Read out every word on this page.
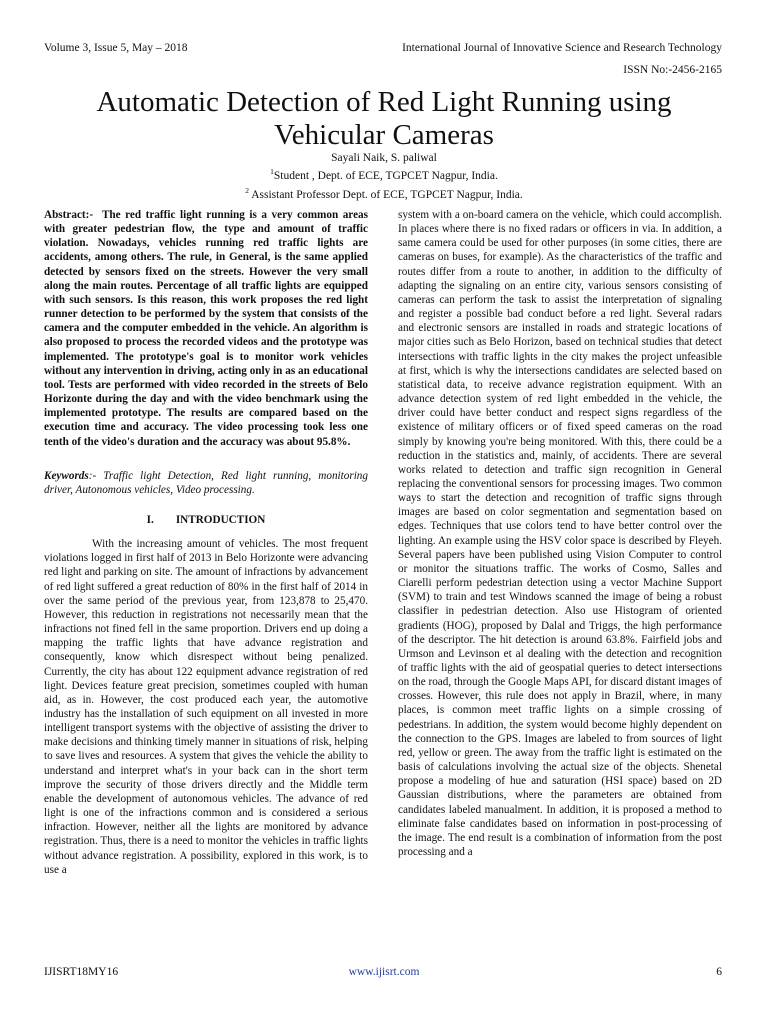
Volume 3, Issue 5, May – 2018	International Journal of Innovative Science and Research Technology
ISSN No:-2456-2165
Automatic Detection of Red Light Running using Vehicular Cameras
Sayali Naik, S. paliwal
$^1$Student , Dept. of ECE, TGPCET Nagpur, India.
$^2$ Assistant Professor Dept. of ECE, TGPCET Nagpur, India.

Abstract:- The red traffic light running is a very common areas with greater pedestrian flow, the type and amount of traffic violation. Nowadays, vehicles running red traffic lights are accidents, among others. The rule, in General, is the same applied detected by sensors fixed on the streets. However the very small along the main routes. Percentage of all traffic lights are equipped with such sensors. Is this reason, this work proposes the red light runner detection to be performed by the system that consists of the camera and the computer embedded in the vehicle. An algorithm is also proposed to process the recorded videos and the prototype was implemented. The prototype's goal is to monitor work vehicles without any intervention in driving, acting only in as an educational tool. Tests are performed with video recorded in the streets of Belo Horizonte during the day and with the video benchmark using the implemented prototype. The results are compared based on the execution time and accuracy. The video processing took less one tenth of the video's duration and the accuracy was about 95.8%.

Keywords:- Traffic light Detection, Red light running, monitoring driver, Autonomous vehicles, Video processing.

I. INTRODUCTION

With the increasing amount of vehicles. The most frequent violations logged in first half of 2013 in Belo Horizonte were advancing red light and parking on site. The amount of infractions by advancement of red light suffered a great reduction of 80% in the first half of 2014 in over the same period of the previous year, from 123,878 to 25,470. However, this reduction in registrations not necessarily mean that the infractions not fined fell in the same proportion. Drivers end up doing a mapping the traffic lights that have advance registration and consequently, know which disrespect without being penalized. Currently, the city has about 122 equipment advance registration of red light. Devices feature great precision, sometimes coupled with human aid, as in. However, the cost produced each year, the automotive industry has the installation of such equipment on all invested in more intelligent transport systems with the objective of assisting the driver to make decisions and thinking timely manner in situations of risk, helping to save lives and resources. A system that gives the vehicle the ability to understand and interpret what's in your back can in the short term improve the security of those drivers directly and the Middle term enable the development of autonomous vehicles. The advance of red light is one of the infractions common and is considered a serious infraction. However, neither all the lights are monitored by advance registration. Thus, there is a need to monitor the vehicles in traffic lights without advance registration. A possibility, explored in this work, is to use a

system with a on-board camera on the vehicle, which could accomplish. In places where there is no fixed radars or officers in via. In addition, a same camera could be used for other purposes (in some cities, there are cameras on buses, for example). As the characteristics of the traffic and routes differ from a route to another, in addition to the difficulty of adapting the signaling on an entire city, various sensors consisting of cameras can perform the task to assist the interpretation of signaling and register a possible bad conduct before a red light. Several radars and electronic sensors are installed in roads and strategic locations of major cities such as Belo Horizon, based on technical studies that detect intersections with traffic lights in the city makes the project unfeasible at first, which is why the intersections candidates are selected based on statistical data, to receive advance registration equipment. With an advance detection system of red light embedded in the vehicle, the driver could have better conduct and respect signs regardless of the existence of military officers or of fixed speed cameras on the road simply by knowing you're being monitored. With this, there could be a reduction in the statistics and, mainly, of accidents. There are several works related to detection and traffic sign recognition in General replacing the conventional sensors for processing images. Two common ways to start the detection and recognition of traffic signs through images are based on color segmentation and segmentation based on edges. Techniques that use colors tend to have better control over the lighting. An example using the HSV color space is described by Fleyeh. Several papers have been published using Vision Computer to control or monitor the situations traffic. The works of Cosmo, Salles and Ciarelli perform pedestrian detection using a vector Machine Support (SVM) to train and test Windows scanned the image of being a robust classifier in pedestrian detection. Also use Histogram of oriented gradients (HOG), proposed by Dalal and Triggs, the high performance of the descriptor. The hit detection is around 63.8%. Fairfield jobs and Urmson and Levinson et al dealing with the detection and recognition of traffic lights with the aid of geospatial queries to detect intersections on the road, through the Google Maps API, for discard distant images of crosses. However, this rule does not apply in Brazil, where, in many places, is common meet traffic lights on a simple crossing of pedestrians. In addition, the system would become highly dependent on the connection to the GPS. Images are labeled to from sources of light red, yellow or green. The away from the traffic light is estimated on the basis of calculations involving the actual size of the objects. Shenetal propose a modeling of hue and saturation (HSI space) based on 2D Gaussian distributions, where the parameters are obtained from candidates labeled manualment. In addition, it is proposed a method to eliminate false candidates based on information in post-processing of the image. The end result is a combination of information from the post processing and a

IJISRT18MY16	www.ijisrt.com	6
